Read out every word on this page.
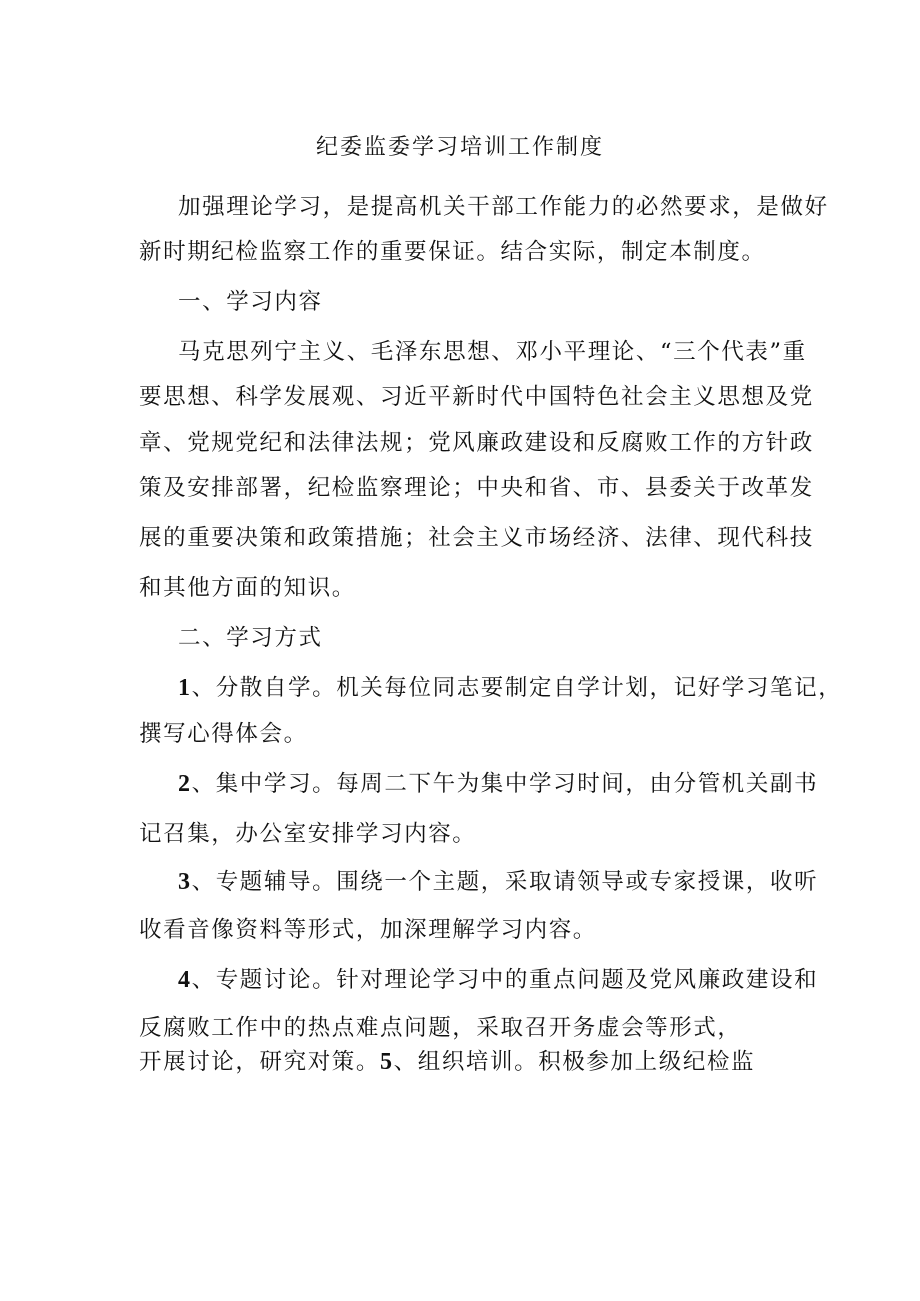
纪委监委学习培训工作制度

加强理论学习，是提高机关干部工作能力的必然要求，是做好

新时期纪检监察工作的重要保证。结合实际，制定本制度。

一、学习内容

马克思列宁主义、毛泽东思想、邓小平理论、“三个代表”重

要思想、科学发展观、习近平新时代中国特色社会主义思想及党

章、党规党纪和法律法规；党风廉政建设和反腐败工作的方针政

策及安排部署，纪检监察理论；中央和省、市、县委关于改革发

展的重要决策和政策措施；社会主义市场经济、法律、现代科技

和其他方面的知识。

二、学习方式

1、分散自学。机关每位同志要制定自学计划，记好学习笔记，

撰写心得体会。

2、集中学习。每周二下午为集中学习时间，由分管机关副书

记召集，办公室安排学习内容。

3、专题辅导。围绕一个主题，采取请领导或专家授课，收听

收看音像资料等形式，加深理解学习内容。

4、专题讨论。针对理论学习中的重点问题及党风廉政建设和

反腐败工作中的热点难点问题，采取召开务虚会等形式，

开展讨论，研究对策。5、组织培训。积极参加上级纪检监
